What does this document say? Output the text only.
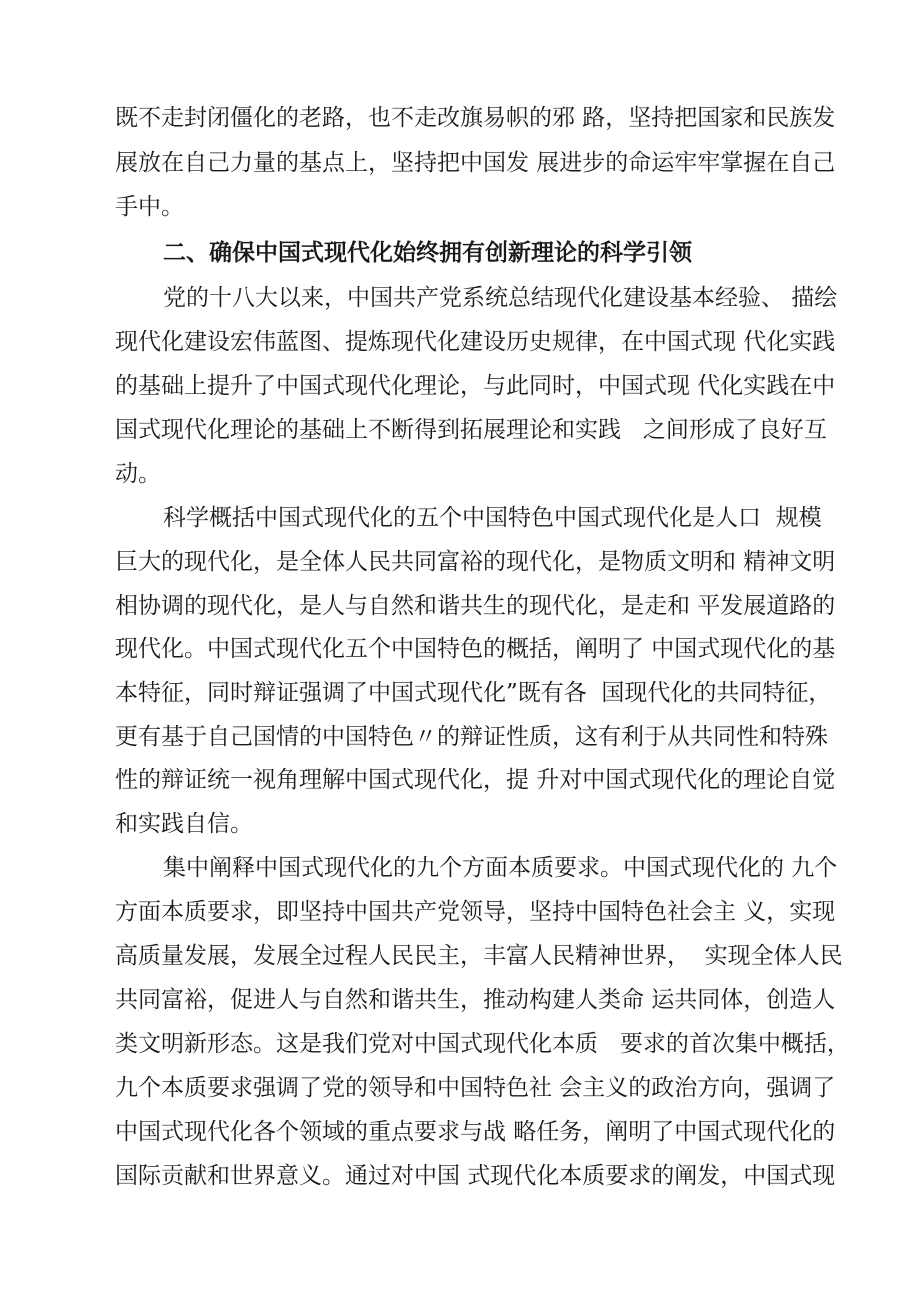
既不走封闭僵化的老路，也不走改旗易帜的邪 路，坚持把国家和民族发
展放在自己力量的基点上，坚持把中国发 展进步的命运牢牢掌握在自己
手中。
二、确保中国式现代化始终拥有创新理论的科学引领
党的十八大以来，中国共产党系统总结现代化建设基本经验、 描绘
现代化建设宏伟蓝图、提炼现代化建设历史规律，在中国式现 代化实践
的基础上提升了中国式现代化理论，与此同时，中国式现 代化实践在中
国式现代化理论的基础上不断得到拓展理论和实践   之间形成了良好互
动。
科学概括中国式现代化的五个中国特色中国式现代化是人口  规模
巨大的现代化，是全体人民共同富裕的现代化，是物质文明和 精神文明
相协调的现代化，是人与自然和谐共生的现代化，是走和 平发展道路的
现代化。中国式现代化五个中国特色的概括，阐明了 中国式现代化的基
本特征，同时辩证强调了中国式现代化”既有各  国现代化的共同特征，
更有基于自己国情的中国特色〃的辩证性质，这有利于从共同性和特殊
性的辩证统一视角理解中国式现代化，提 升对中国式现代化的理论自觉
和实践自信。
集中阐释中国式现代化的九个方面本质要求。中国式现代化的 九个
方面本质要求，即坚持中国共产党领导，坚持中国特色社会主 义，实现
高质量发展，发展全过程人民民主，丰富人民精神世界，  实现全体人民
共同富裕，促进人与自然和谐共生，推动构建人类命 运共同体，创造人
类文明新形态。这是我们党对中国式现代化本质   要求的首次集中概括，
九个本质要求强调了党的领导和中国特色社 会主义的政治方向，强调了
中国式现代化各个领域的重点要求与战 略任务，阐明了中国式现代化的
国际贡献和世界意义。通过对中国 式现代化本质要求的阐发，中国式现
